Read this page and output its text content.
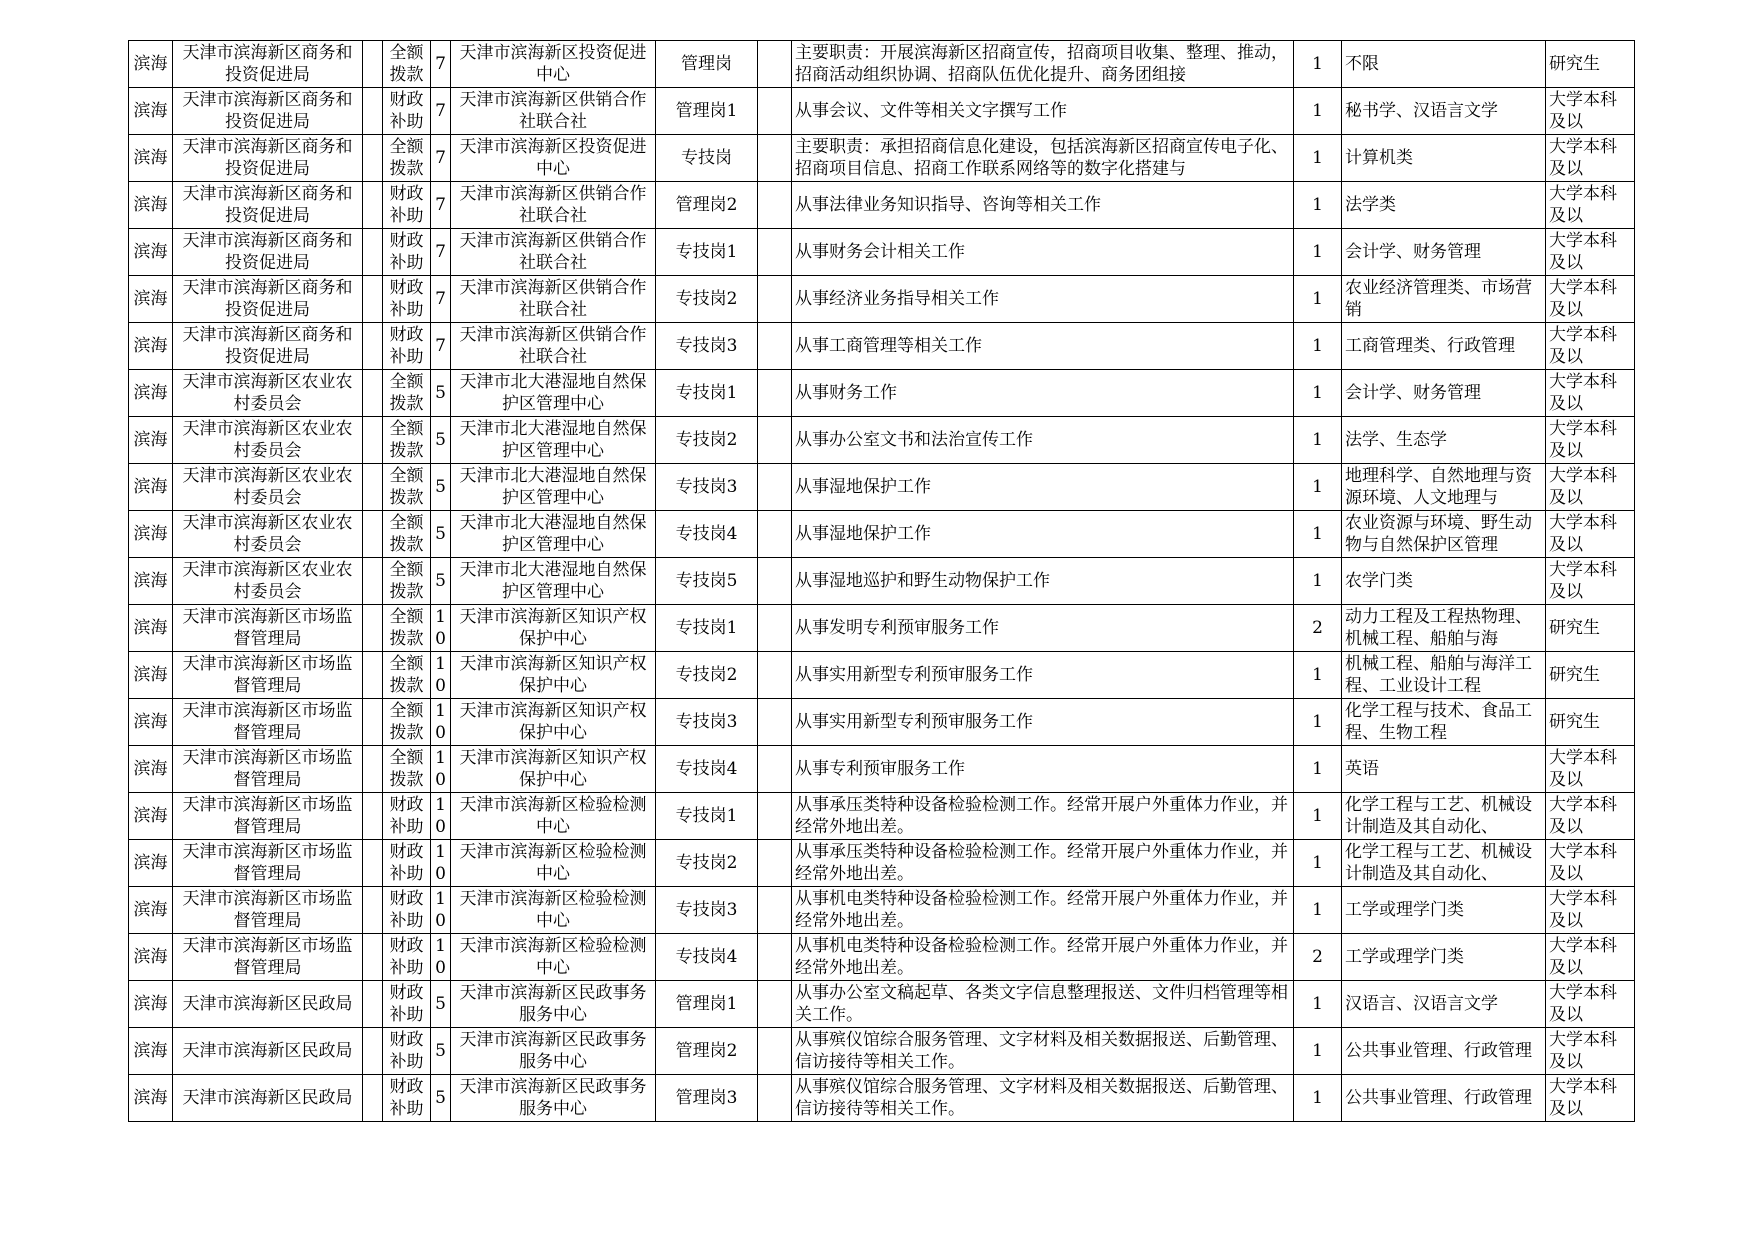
滨海	天津市滨海新区商务和投资促进局		全额拨款	7	天津市滨海新区投资促进中心	管理岗		主要职责：开展滨海新区招商宣传，招商项目收集、整理、推动，招商活动组织协调、招商队伍优化提升、商务团组接	1	不限	研究生

滨海	天津市滨海新区商务和投资促进局		财政补助	7	天津市滨海新区供销合作社联合社	管理岗1		从事会议、文件等相关文字撰写工作	1	秘书学、汉语言文学	大学本科及以

滨海	天津市滨海新区商务和投资促进局		全额拨款	7	天津市滨海新区投资促进中心	专技岗		主要职责：承担招商信息化建设，包括滨海新区招商宣传电子化、招商项目信息、招商工作联系网络等的数字化搭建与	1	计算机类	大学本科及以

滨海	天津市滨海新区商务和投资促进局		财政补助	7	天津市滨海新区供销合作社联合社	管理岗2		从事法律业务知识指导、咨询等相关工作	1	法学类	大学本科及以

滨海	天津市滨海新区商务和投资促进局		财政补助	7	天津市滨海新区供销合作社联合社	专技岗1		从事财务会计相关工作	1	会计学、财务管理	大学本科及以

滨海	天津市滨海新区商务和投资促进局		财政补助	7	天津市滨海新区供销合作社联合社	专技岗2		从事经济业务指导相关工作	1	农业经济管理类、市场营销	大学本科及以

滨海	天津市滨海新区商务和投资促进局		财政补助	7	天津市滨海新区供销合作社联合社	专技岗3		从事工商管理等相关工作	1	工商管理类、行政管理	大学本科及以

滨海	天津市滨海新区农业农村委员会		全额拨款	5	天津市北大港湿地自然保护区管理中心	专技岗1		从事财务工作	1	会计学、财务管理	大学本科及以

滨海	天津市滨海新区农业农村委员会		全额拨款	5	天津市北大港湿地自然保护区管理中心	专技岗2		从事办公室文书和法治宣传工作	1	法学、生态学	大学本科及以

滨海	天津市滨海新区农业农村委员会		全额拨款	5	天津市北大港湿地自然保护区管理中心	专技岗3		从事湿地保护工作	1	地理科学、自然地理与资源环境、人文地理与	大学本科及以

滨海	天津市滨海新区农业农村委员会		全额拨款	5	天津市北大港湿地自然保护区管理中心	专技岗4		从事湿地保护工作	1	农业资源与环境、野生动物与自然保护区管理	大学本科及以

滨海	天津市滨海新区农业农村委员会		全额拨款	5	天津市北大港湿地自然保护区管理中心	专技岗5		从事湿地巡护和野生动物保护工作	1	农学门类	大学本科及以

滨海	天津市滨海新区市场监督管理局		全额拨款	10	天津市滨海新区知识产权保护中心	专技岗1		从事发明专利预审服务工作	2	动力工程及工程热物理、机械工程、船舶与海	研究生

滨海	天津市滨海新区市场监督管理局		全额拨款	10	天津市滨海新区知识产权保护中心	专技岗2		从事实用新型专利预审服务工作	1	机械工程、船舶与海洋工程、工业设计工程	研究生

滨海	天津市滨海新区市场监督管理局		全额拨款	10	天津市滨海新区知识产权保护中心	专技岗3		从事实用新型专利预审服务工作	1	化学工程与技术、食品工程、生物工程	研究生

滨海	天津市滨海新区市场监督管理局		全额拨款	10	天津市滨海新区知识产权保护中心	专技岗4		从事专利预审服务工作	1	英语	大学本科及以

滨海	天津市滨海新区市场监督管理局		财政补助	10	天津市滨海新区检验检测中心	专技岗1		从事承压类特种设备检验检测工作。经常开展户外重体力作业，并经常外地出差。	1	化学工程与工艺、机械设计制造及其自动化、	大学本科及以

滨海	天津市滨海新区市场监督管理局		财政补助	10	天津市滨海新区检验检测中心	专技岗2		从事承压类特种设备检验检测工作。经常开展户外重体力作业，并经常外地出差。	1	化学工程与工艺、机械设计制造及其自动化、	大学本科及以

滨海	天津市滨海新区市场监督管理局		财政补助	10	天津市滨海新区检验检测中心	专技岗3		从事机电类特种设备检验检测工作。经常开展户外重体力作业，并经常外地出差。	1	工学或理学门类	大学本科及以

滨海	天津市滨海新区市场监督管理局		财政补助	10	天津市滨海新区检验检测中心	专技岗4		从事机电类特种设备检验检测工作。经常开展户外重体力作业，并经常外地出差。	2	工学或理学门类	大学本科及以

滨海	天津市滨海新区民政局		财政补助	5	天津市滨海新区民政事务服务中心	管理岗1		从事办公室文稿起草、各类文字信息整理报送、文件归档管理等相关工作。	1	汉语言、汉语言文学	大学本科及以

滨海	天津市滨海新区民政局		财政补助	5	天津市滨海新区民政事务服务中心	管理岗2		从事殡仪馆综合服务管理、文字材料及相关数据报送、后勤管理、信访接待等相关工作。	1	公共事业管理、行政管理	大学本科及以

滨海	天津市滨海新区民政局		财政补助	5	天津市滨海新区民政事务服务中心	管理岗3		从事殡仪馆综合服务管理、文字材料及相关数据报送、后勤管理、信访接待等相关工作。	1	公共事业管理、行政管理	大学本科及以
